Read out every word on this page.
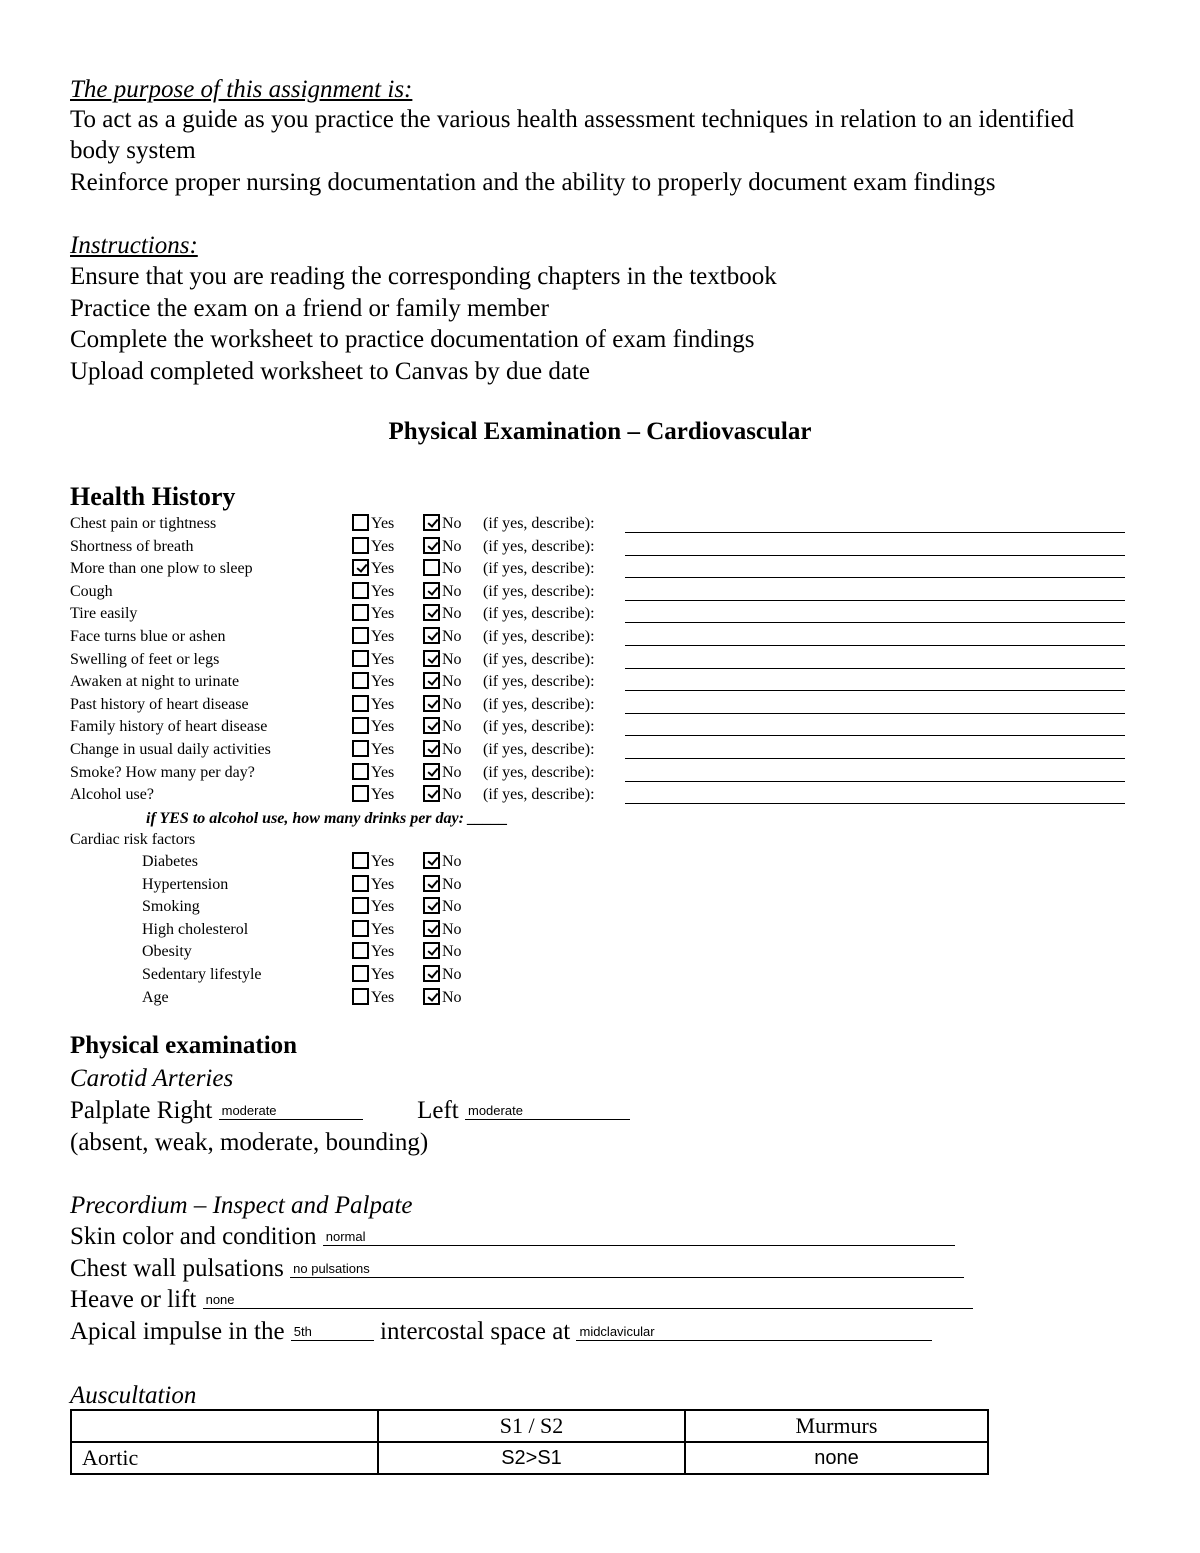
The purpose of this assignment is:
To act as a guide as you practice the various health assessment techniques in relation to an identified body system
Reinforce proper nursing documentation and the ability to properly document exam findings
Instructions:
Ensure that you are reading the corresponding chapters in the textbook
Practice the exam on a friend or family member
Complete the worksheet to practice documentation of exam findings
Upload completed worksheet to Canvas by due date
Physical Examination – Cardiovascular
Health History
Chest pain or tightness	Yes	No (if yes, describe):
Shortness of breath	Yes	No (if yes, describe):
More than one plow to sleep	Yes	No (if yes, describe):
Cough	Yes	No (if yes, describe):
Tire easily	Yes	No (if yes, describe):
Face turns blue or ashen	Yes	No (if yes, describe):
Swelling of feet or legs	Yes	No (if yes, describe):
Awaken at night to urinate	Yes	No (if yes, describe):
Past history of heart disease	Yes	No (if yes, describe):
Family history of heart disease	Yes	No (if yes, describe):
Change in usual daily activities	Yes	No (if yes, describe):
Smoke? How many per day?	Yes	No (if yes, describe):
Alcohol use?	Yes	No (if yes, describe):
if YES to alcohol use, how many drinks per day: _____
Cardiac risk factors
Diabetes	Yes	No
Hypertension	Yes	No
Smoking	Yes	No
High cholesterol	Yes	No
Obesity	Yes	No
Sedentary lifestyle	Yes	No
Age	Yes	No
Physical examination
Carotid Arteries
Palplate Right moderate	Left moderate
(absent, weak, moderate, bounding)
Precordium – Inspect and Palpate
Skin color and condition normal
Chest wall pulsations no pulsations
Heave or lift none
Apical impulse in the 5th	intercostal space at midclavicular
Auscultation
	S1 / S2	Murmurs
Aortic	S2>S1	none
